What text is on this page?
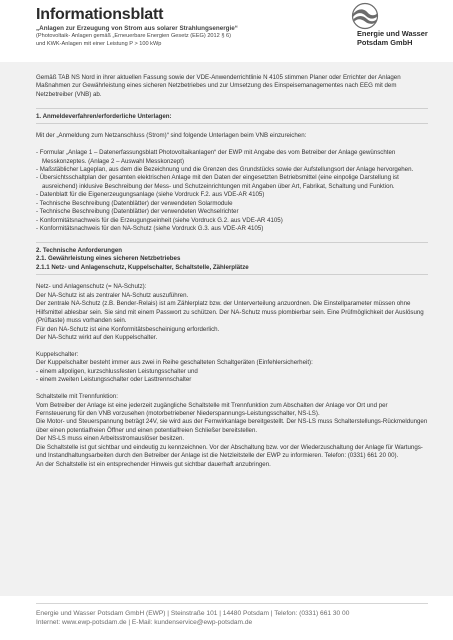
Informationsblatt
„Anlagen zur Erzeugung von Strom aus solarer Strahlungsenergie“
(Photovoltaik- Anlagen gemäß „Erneuerbare Energien Gesetz (EEG) 2012 § 6)
und KWK-Anlagen mit einer Leistung P > 100 kWp
Energie und Wasser
Potsdam GmbH

Gemäß TAB NS Nord in ihrer aktuellen Fassung sowie der VDE-Anwenderrichtlinie N 4105 stimmen Planer oder Errichter der Anlagen Maßnahmen zur Gewährleistung eines sicheren Netzbetriebes und zur Umsetzung des Einspeisemanagementes nach EEG mit dem Netzbetreiber (VNB) ab.

1. Anmeldeverfahren/erforderliche Unterlagen:

Mit der „Anmeldung zum Netzanschluss (Strom)“ sind folgende Unterlagen beim VNB einzureichen:

- Formular „Anlage 1 – Datenerfassungsblatt Photovoltaikanlagen“ der EWP mit Angabe des vom Betreiber der Anlage gewünschten Messkonzeptes. (Anlage 2 – Auswahl Messkonzept)

- Maßstäblicher Lageplan, aus dem die Bezeichnung und die Grenzen des Grundstücks sowie der Aufstellungsort der Anlage hervorgehen.

- Übersichtsschaltplan der gesamten elektrischen Anlage mit den Daten der eingesetzten Betriebsmittel (eine einpolige Darstellung ist ausreichend) inklusive Beschreibung der Mess- und Schutzeinrichtungen mit Angaben über Art, Fabrikat, Schaltung und Funktion.

- Datenblatt für die Eigenerzeugungsanlage (siehe Vordruck F.2. aus VDE-AR 4105)

- Technische Beschreibung (Datenblätter) der verwendeten Solarmodule

- Technische Beschreibung (Datenblätter) der verwendeten Wechselrichter

- Konformitätsnachweis für die Erzeugungseinheit (siehe Vordruck G.2. aus VDE-AR 4105)

- Konformitätsnachweis für den NA-Schutz (siehe Vordruck G.3. aus VDE-AR 4105)

2. Technische Anforderungen

2.1. Gewährleistung eines sicheren Netzbetriebes

2.1.1 Netz- und Anlagenschutz, Kuppelschalter, Schaltstelle, Zählerplätze

Netz- und Anlagenschutz (= NA-Schutz):

Der NA-Schutz ist als zentraler NA-Schutz auszuführen.

Der zentrale NA-Schutz (z.B. Bender-Relais) ist am Zählerplatz bzw. der Unterverteilung anzuordnen. Die Einstellparameter müssen ohne Hilfsmittel ablesbar sein. Sie sind mit einem Passwort zu schützen. Der NA-Schutz muss plombierbar sein. Eine Prüfmöglichkeit der Auslösung (Prüftaste) muss vorhanden sein.

Für den NA-Schutz ist eine Konformitätsbescheinigung erforderlich.

Der NA-Schutz wirkt auf den Kuppelschalter.

Kuppelschalter:

Der Kuppelschalter besteht immer aus zwei in Reihe geschalteten Schaltgeräten (Einfehlersicherheit):

- einem allpoligen, kurzschlussfesten Leistungsschalter und

- einem zweiten Leistungsschalter oder Lasttrennschalter

Schaltstelle mit Trennfunktion:

Vom Betreiber der Anlage ist eine jederzeit zugängliche Schaltstelle mit Trennfunktion zum Abschalten der Anlage vor Ort und per Fernsteuerung für den VNB vorzusehen (motorbetriebener Niederspannungs-Leistungsschalter, NS-LS).

Die Motor- und Steuerspannung beträgt 24V, sie wird aus der Fernwirkanlage bereitgestellt. Der NS-LS muss Schalterstellungs-Rückmeldungen über einen potentialfreien Öffner und einen potentialfreien Schließer bereitstellen.

Der NS-LS muss einen Arbeitsstromauslöser besitzen.

Die Schaltstelle ist gut sichtbar und eindeutig zu kennzeichnen. Vor der Abschaltung bzw. vor der Wiederzuschaltung der Anlage für Wartungs- und Instandhaltungsarbeiten durch den Betreiber der Anlage ist die Netzleitstelle der EWP zu informieren. Telefon: (0331) 661 20 00).

An der Schaltstelle ist ein entsprechender Hinweis gut sichtbar dauerhaft anzubringen.

Energie und Wasser Potsdam GmbH (EWP) | Steinstraße 101 | 14480 Potsdam | Telefon: (0331) 661 30 00
Internet: www.ewp-potsdam.de | E-Mail: kundenservice@ewp-potsdam.de
